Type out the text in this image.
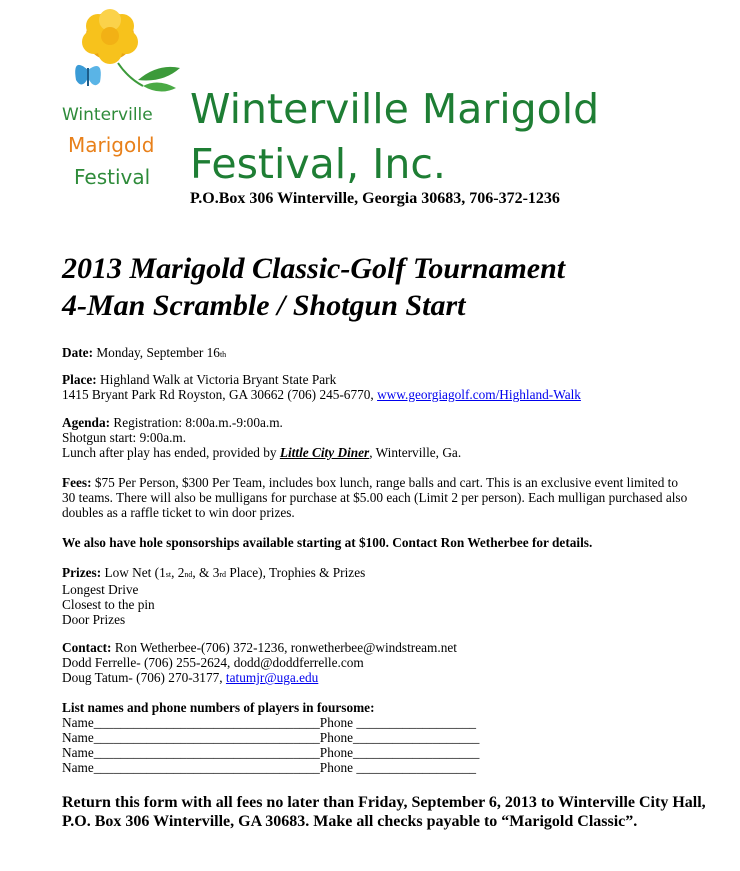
Winterville
Marigold
Festival
Winterville Marigold
Festival, Inc.
P.O.Box 306 Winterville, Georgia 30683, 706-372-1236
2013 Marigold Classic-Golf Tournament
4-Man Scramble / Shotgun Start
Date: Monday, September 16th

Place: Highland Walk at Victoria Bryant State Park

1415 Bryant Park Rd Royston, GA 30662 (706) 245-6770, www.georgiagolf.com/Highland-Walk

Agenda: Registration: 8:00a.m.-9:00a.m.

Shotgun start: 9:00a.m.

Lunch after play has ended, provided by Little City Diner, Winterville, Ga.

Fees: $75 Per Person, $300 Per Team, includes box lunch, range balls and cart. This is an exclusive event limited to 30 teams. There will also be mulligans for purchase at $5.00 each (Limit 2 per person). Each mulligan purchased also doubles as a raffle ticket to win door prizes.
We also have hole sponsorships available starting at $100. Contact Ron Wetherbee for details.

Prizes: Low Net (1st, 2nd, & 3rd Place), Trophies & Prizes

Longest Drive

Closest to the pin

Door Prizes

Contact: Ron Wetherbee-(706) 372-1236, ronwetherbee@windstream.net

Dodd Ferrelle- (706) 255-2624, dodd@doddferrelle.com

Doug Tatum- (706) 270-3177, tatumjr@uga.edu

List names and phone numbers of players in foursome:

Name__________________________________Phone __________________

Name__________________________________Phone___________________

Name__________________________________Phone___________________

Name__________________________________Phone __________________

Return this form with all fees no later than Friday, September 6, 2013 to Winterville City Hall, P.O. Box 306 Winterville, GA 30683. Make all checks payable to “Marigold Classic”.
